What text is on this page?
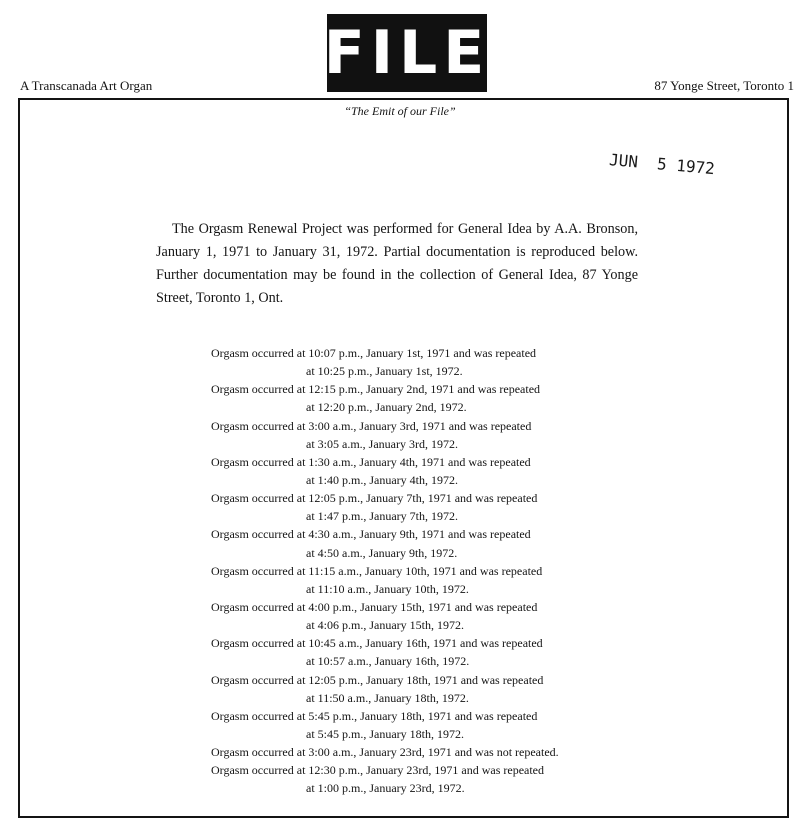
FILE
A Transcanada Art Organ	87 Yonge Street, Toronto 1
“The Emit of our File”
JUN 5 1972

The Orgasm Renewal Project was performed for General Idea by A.A. Bronson, January 1, 1971 to January 31, 1972. Partial documentation is reproduced below. Further documentation may be found in the collection of General Idea, 87 Yonge Street, Toronto 1, Ont.

Orgasm occurred at 10:07 p.m., January 1st, 1971 and was repeated
at 10:25 p.m., January 1st, 1972.
Orgasm occurred at 12:15 p.m., January 2nd, 1971 and was repeated
at 12:20 p.m., January 2nd, 1972.
Orgasm occurred at 3:00 a.m., January 3rd, 1971 and was repeated
at 3:05 a.m., January 3rd, 1972.
Orgasm occurred at 1:30 a.m., January 4th, 1971 and was repeated
at 1:40 p.m., January 4th, 1972.
Orgasm occurred at 12:05 p.m., January 7th, 1971 and was repeated
at 1:47 p.m., January 7th, 1972.
Orgasm occurred at 4:30 a.m., January 9th, 1971 and was repeated
at 4:50 a.m., January 9th, 1972.
Orgasm occurred at 11:15 a.m., January 10th, 1971 and was repeated
at 11:10 a.m., January 10th, 1972.
Orgasm occurred at 4:00 p.m., January 15th, 1971 and was repeated
at 4:06 p.m., January 15th, 1972.
Orgasm occurred at 10:45 a.m., January 16th, 1971 and was repeated
at 10:57 a.m., January 16th, 1972.
Orgasm occurred at 12:05 p.m., January 18th, 1971 and was repeated
at 11:50 a.m., January 18th, 1972.
Orgasm occurred at 5:45 p.m., January 18th, 1971 and was repeated
at 5:45 p.m., January 18th, 1972.
Orgasm occurred at 3:00 a.m., January 23rd, 1971 and was not repeated.
Orgasm occurred at 12:30 p.m., January 23rd, 1971 and was repeated
at 1:00 p.m., January 23rd, 1972.
